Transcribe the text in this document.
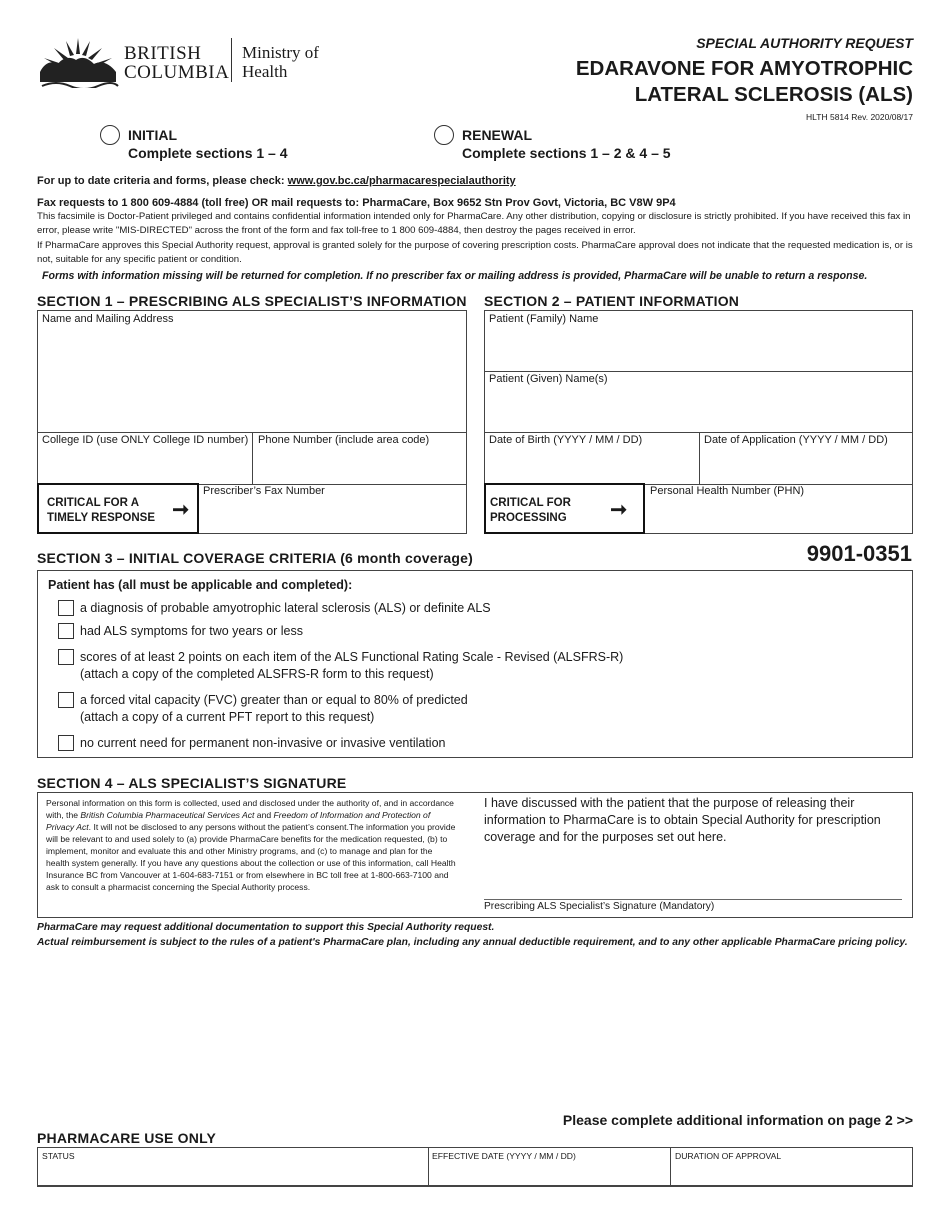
BRITISH
COLUMBIA
Ministry of
Health
SPECIAL AUTHORITY REQUEST
EDARAVONE FOR AMYOTROPHIC
LATERAL SCLEROSIS (ALS)
HLTH 5814 Rev. 2020/08/17
INITIAL
Complete sections 1 – 4
RENEWAL
Complete sections 1 – 2 & 4 – 5
For up to date criteria and forms, please check: www.gov.bc.ca/pharmacarespecialauthority
Fax requests to 1 800 609-4884 (toll free) OR mail requests to: PharmaCare, Box 9652 Stn Prov Govt, Victoria, BC V8W 9P4
This facsimile is Doctor-Patient privileged and contains confidential information intended only for PharmaCare. Any other distribution, copying or disclosure is strictly prohibited. If you have received this fax in error, please write "MIS-DIRECTED" across the front of the form and fax toll-free to 1 800 609-4884, then destroy the pages received in error.
If PharmaCare approves this Special Authority request, approval is granted solely for the purpose of covering prescription costs. PharmaCare approval does not indicate that the requested medication is, or is not, suitable for any specific patient or condition.
Forms with information missing will be returned for completion. If no prescriber fax or mailing address is provided, PharmaCare will be unable to return a response.
SECTION 1 – PRESCRIBING ALS SPECIALIST’S INFORMATION
Name and Mailing Address
College ID (use ONLY College ID number) Phone Number (include area code)
Prescriber’s Fax Number
CRITICAL FOR A
TIMELY RESPONSE ➞
SECTION 2 – PATIENT INFORMATION
Patient (Family) Name
Patient (Given) Name(s)
Date of Birth (YYYY / MM / DD)	Date of Application (YYYY / MM / DD)
Personal Health Number (PHN)
CRITICAL FOR
PROCESSING ➞
SECTION 3 – INITIAL COVERAGE CRITERIA (6 month coverage)	9901-0351
Patient has (all must be applicable and completed):
a diagnosis of probable amyotrophic lateral sclerosis (ALS) or definite ALS
had ALS symptoms for two years or less
scores of at least 2 points on each item of the ALS Functional Rating Scale - Revised (ALSFRS-R)
(attach a copy of the completed ALSFRS-R form to this request)
a forced vital capacity (FVC) greater than or equal to 80% of predicted
(attach a copy of a current PFT report to this request)
no current need for permanent non-invasive or invasive ventilation
SECTION 4 – ALS SPECIALIST’S SIGNATURE
Personal information on this form is collected, used and disclosed under the authority of, and in accordance with, the British Columbia Pharmaceutical Services Act and Freedom of Information and Protection of Privacy Act. It will not be disclosed to any persons without the patient’s consent.The information you provide will be relevant to and used solely to (a) provide PharmaCare benefits for the medication requested, (b) to implement, monitor and evaluate this and other Ministry programs, and (c) to manage and plan for the health system generally. If you have any questions about the collection or use of this information, call Health Insurance BC from Vancouver at 1-604-683-7151 or from elsewhere in BC toll free at 1-800-663-7100 and ask to consult a pharmacist concerning the Special Authority process.
I have discussed with the patient that the purpose of releasing their information to PharmaCare is to obtain Special Authority for prescription coverage and for the purposes set out here.
Prescribing ALS Specialist’s Signature (Mandatory)
PharmaCare may request additional documentation to support this Special Authority request.
Actual reimbursement is subject to the rules of a patient's PharmaCare plan, including any annual deductible requirement, and to any other applicable PharmaCare pricing policy.
Please complete additional information on page 2 >>
PHARMACARE USE ONLY
STATUS	EFFECTIVE DATE (YYYY / MM / DD)	DURATION OF APPROVAL
